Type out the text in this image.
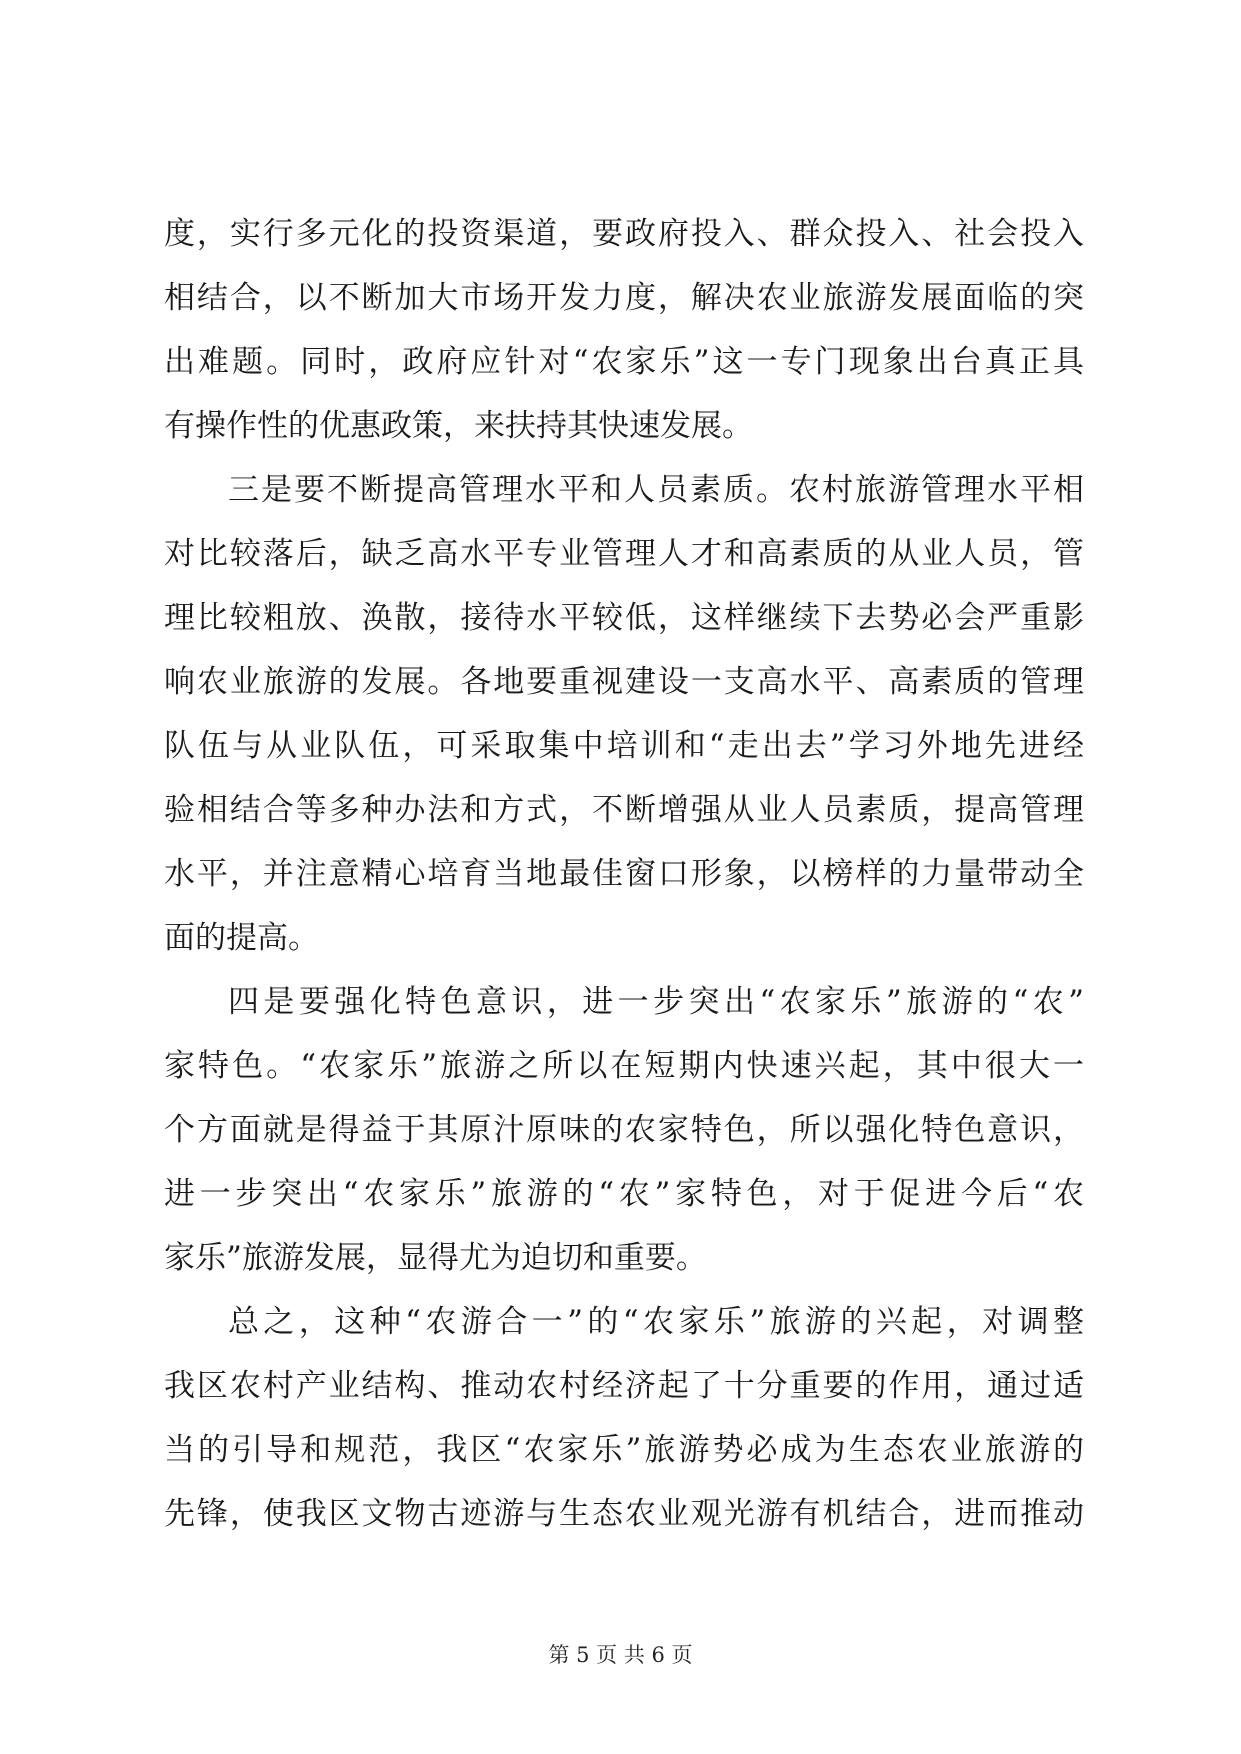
度，实行多元化的投资渠道，要政府投入、群众投入、社会投入
相结合，以不断加大市场开发力度，解决农业旅游发展面临的突
出难题。同时，政府应针对“农家乐”这一专门现象出台真正具
有操作性的优惠政策，来扶持其快速发展。
三是要不断提高管理水平和人员素质。农村旅游管理水平相
对比较落后，缺乏高水平专业管理人才和高素质的从业人员，管
理比较粗放、涣散，接待水平较低，这样继续下去势必会严重影
响农业旅游的发展。各地要重视建设一支高水平、高素质的管理
队伍与从业队伍，可采取集中培训和“走出去”学习外地先进经
验相结合等多种办法和方式，不断增强从业人员素质，提高管理
水平，并注意精心培育当地最佳窗口形象，以榜样的力量带动全
面的提高。
四是要强化特色意识，进一步突出“农家乐”旅游的“农”
家特色。“农家乐”旅游之所以在短期内快速兴起，其中很大一
个方面就是得益于其原汁原味的农家特色，所以强化特色意识，
进一步突出“农家乐”旅游的“农”家特色，对于促进今后“农
家乐”旅游发展，显得尤为迫切和重要。
总之，这种“农游合一”的“农家乐”旅游的兴起，对调整
我区农村产业结构、推动农村经济起了十分重要的作用，通过适
当的引导和规范，我区“农家乐”旅游势必成为生态农业旅游的
先锋，使我区文物古迹游与生态农业观光游有机结合，进而推动
第 5 页 共 6 页
